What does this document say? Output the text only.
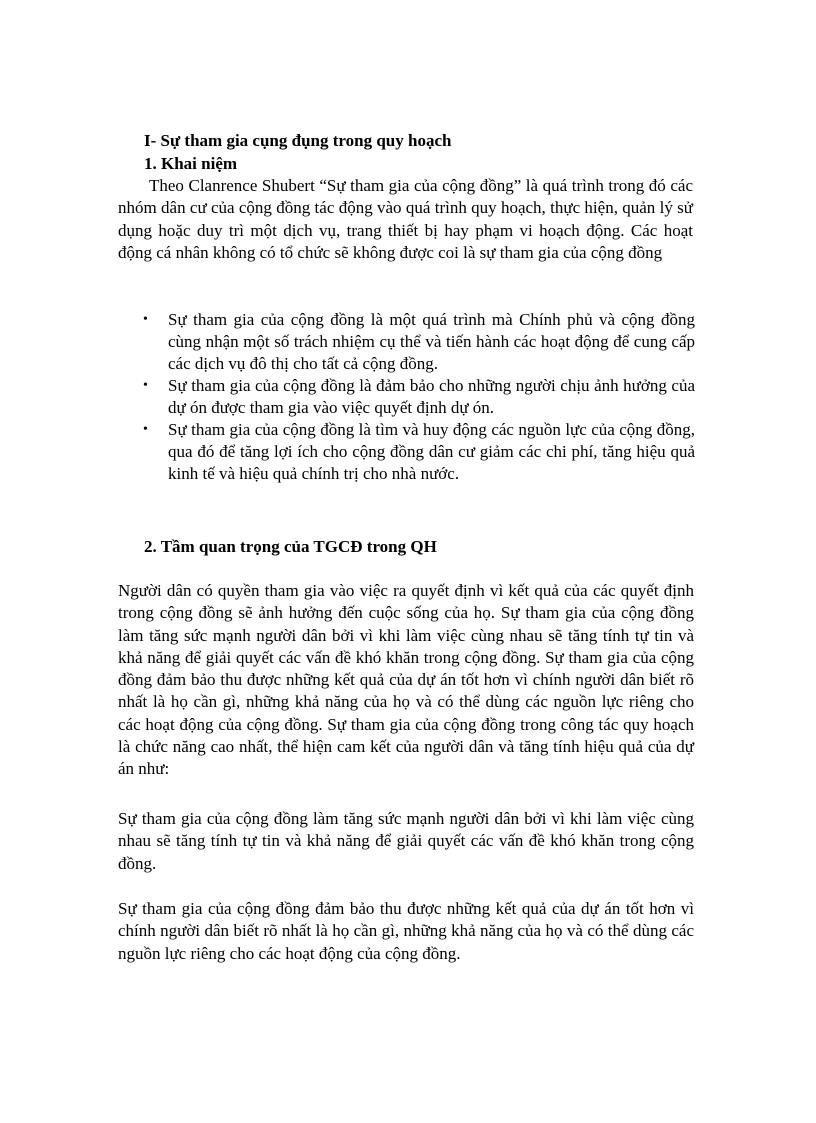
I- Sự tham gia cụng đụng trong quy hoạch
1. Khai niệm
Theo Clanrence Shubert “Sự tham gia của cộng đồng” là quá trình trong đó các nhóm dân cư của cộng đồng tác động vào quá trình quy hoạch, thực hiện, quản lý sử dụng hoặc duy trì một dịch vụ, trang thiết bị hay phạm vi hoạch động. Các hoạt động cá nhân không có tổ chức sẽ không được coi là sự tham gia của cộng đồng
• Sự tham gia của cộng đồng là một quá trình mà Chính phủ và cộng đồng cùng nhận một số trách nhiệm cụ thể và tiến hành các hoạt động để cung cấp các dịch vụ đô thị cho tất cả cộng đồng.
• Sự tham gia của cộng đồng là đảm bảo cho những người chịu ảnh hưởng của dự ón được tham gia vào việc quyết định dự ón.
• Sự tham gia của cộng đồng là tìm và huy động các nguồn lực của cộng đồng, qua đó để tăng lợi ích cho cộng đồng dân cư giảm các chi phí, tăng hiệu quả kinh tế và hiệu quả chính trị cho nhà nước.
2. Tầm quan trọng của TGCĐ trong QH
Người dân có quyền tham gia vào việc ra quyết định vì kết quả của các quyết định trong cộng đồng sẽ ảnh hưởng đến cuộc sống của họ. Sự tham gia của cộng đồng làm tăng sức mạnh người dân bởi vì khi làm việc cùng nhau sẽ tăng tính tự tin và khả năng để giải quyết các vấn đề khó khăn trong cộng đồng. Sự tham gia của cộng đồng đảm bảo thu được những kết quả của dự án tốt hơn vì chính người dân biết rõ nhất là họ cần gì, những khả năng của họ và có thể dùng các nguồn lực riêng cho các hoạt động của cộng đồng. Sự tham gia của cộng đồng trong công tác quy hoạch là chức năng cao nhất, thể hiện cam kết của người dân và tăng tính hiệu quả của dự án như:
Sự tham gia của cộng đồng làm tăng sức mạnh người dân bởi vì khi làm việc cùng nhau sẽ tăng tính tự tin và khả năng để giải quyết các vấn đề khó khăn trong cộng đồng.
Sự tham gia của cộng đồng đảm bảo thu được những kết quả của dự án tốt hơn vì chính người dân biết rõ nhất là họ cần gì, những khả năng của họ và có thể dùng các nguồn lực riêng cho các hoạt động của cộng đồng.
